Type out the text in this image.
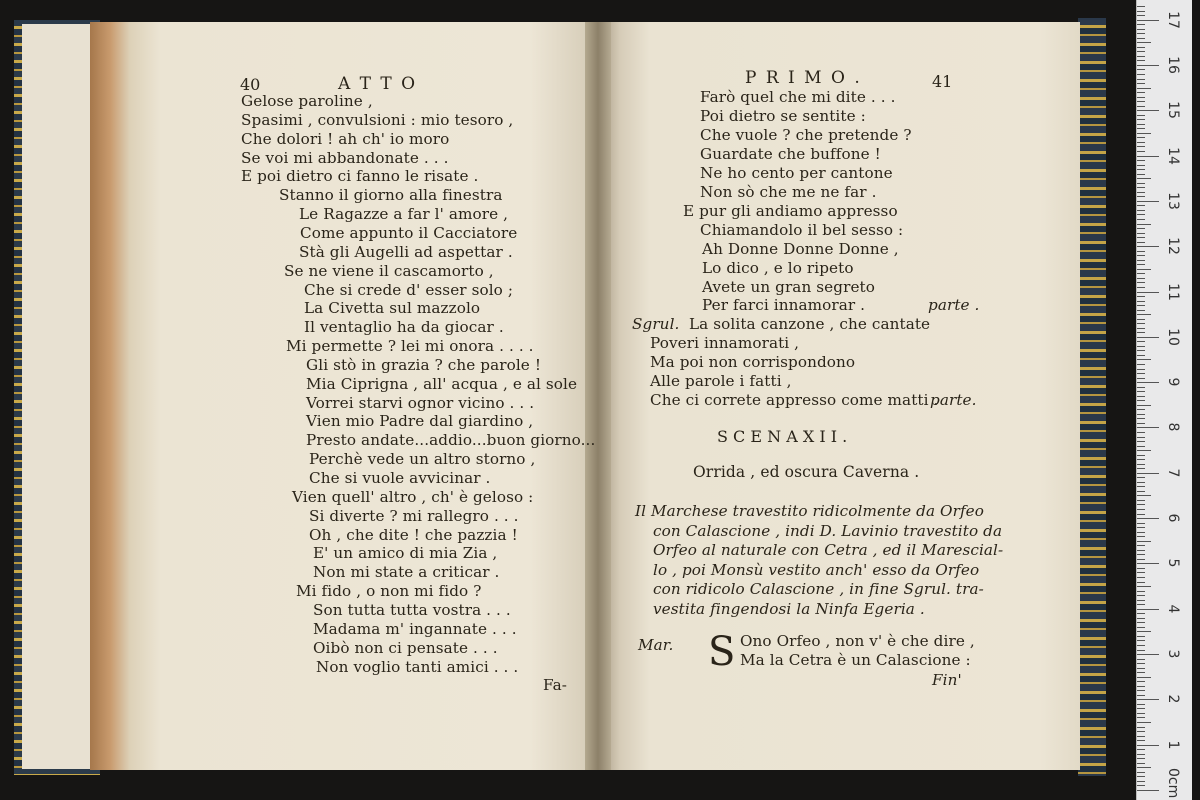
40	A T T O
Gelose paroline ,
Spasimi , convulsioni : mio tesoro ,
Che dolori ! ah ch' io moro
Se voi mi abbandonate . . .
E poi dietro ci fanno le risate .
Stanno il giorno alla finestra
Le Ragazze a far l' amore ,
Come appunto il Cacciatore
Stà gli Augelli ad aspettar .
Se ne viene il cascamorto ,
Che si crede d' esser solo ;
La Civetta sul mazzolo
Il ventaglio ha da giocar .
Mi permette ? lei mi onora . . . .
Gli stò in grazia ? che parole !
Mia Ciprigna , all' acqua , e al sole
Vorrei starvi ognor vicino . . .
Vien mio Padre dal giardino ,
Presto andate...addio...buon giorno...
Perchè vede un altro storno ,
Che si vuole avvicinar .
Vien quell' altro , ch' è geloso :
Si diverte ? mi rallegro . . .
Oh , che dite ! che pazzia !
E' un amico di mia Zia ,
Non mi state a criticar .
Mi fido , o non mi fido ?
Son tutta tutta vostra . . .
Madama m' ingannate . . .
Oibò non ci pensate . . .
Non voglio tanti amici . . .
Fa-
P R I M O .	41
Farò quel che mi dite . . .
Poi dietro se sentite :
Che vuole ? che pretende ?
Guardate che buffone !
Ne ho cento per cantone
Non sò che me ne far .
E pur gli andiamo appresso
Chiamandolo il bel sesso :
Ah Donne Donne Donne ,
Lo dico , e lo ripeto
Avete un gran segreto
Per farci innamorar .	parte .
Sgrul. La solita canzone , che cantate
Poveri innamorati ,
Ma poi non corrispondono
Alle parole i fatti ,
Che ci correte appresso come matti .
parte.
S C E N A X I I .
Orrida , ed oscura Caverna .
Il Marchese travestito ridicolmente da Orfeo
con Calascione , indi D. Lavinio travestito da
Orfeo al naturale con Cetra , ed il Marescial-
lo , poi Monsù vestito anch' esso da Orfeo
con ridicolo Calascione , in fine Sgrul. tra-
vestita fingendosi la Ninfa Egeria .
Mar. S Ono Orfeo , non v' è che dire ,
Ma la Cetra è un Calascione :
Fin'
17
16
15
14
13
12
11
10
9
8
7
6
5
4
3
2
1
0cm
